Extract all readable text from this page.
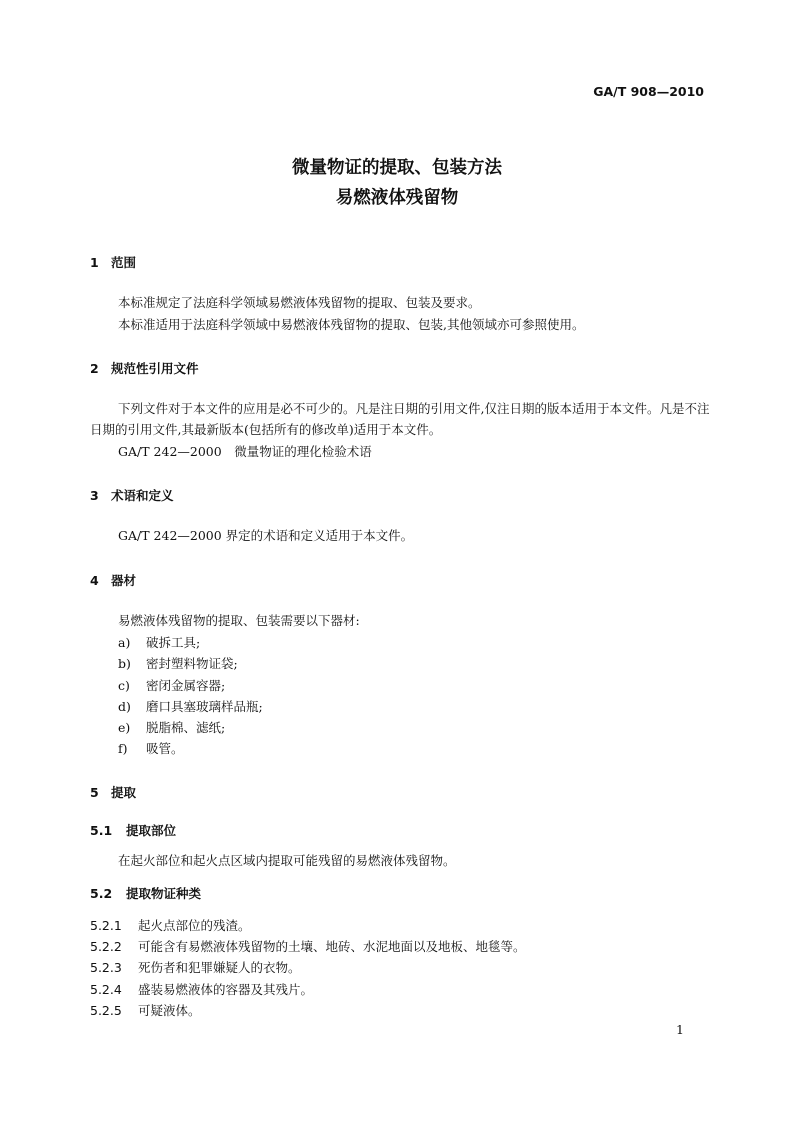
GA/T 908—2010
微量物证的提取、包装方法
易燃液体残留物
1 范围
本标准规定了法庭科学领域易燃液体残留物的提取、包装及要求。
本标准适用于法庭科学领域中易燃液体残留物的提取、包装,其他领域亦可参照使用。
2 规范性引用文件
下列文件对于本文件的应用是必不可少的。凡是注日期的引用文件,仅注日期的版本适用于本文件。凡是不注日期的引用文件,其最新版本(包括所有的修改单)适用于本文件。
GA/T 242—2000　微量物证的理化检验术语
3 术语和定义
GA/T 242—2000 界定的术语和定义适用于本文件。
4 器材
易燃液体残留物的提取、包装需要以下器材:
a) 破拆工具;
b) 密封塑料物证袋;
c) 密闭金属容器;
d) 磨口具塞玻璃样品瓶;
e) 脱脂棉、滤纸;
f) 吸管。
5 提取
5.1 提取部位
在起火部位和起火点区域内提取可能残留的易燃液体残留物。
5.2 提取物证种类
5.2.1 起火点部位的残渣。
5.2.2 可能含有易燃液体残留物的土壤、地砖、水泥地面以及地板、地毯等。
5.2.3 死伤者和犯罪嫌疑人的衣物。
5.2.4 盛装易燃液体的容器及其残片。
5.2.5 可疑液体。
1
